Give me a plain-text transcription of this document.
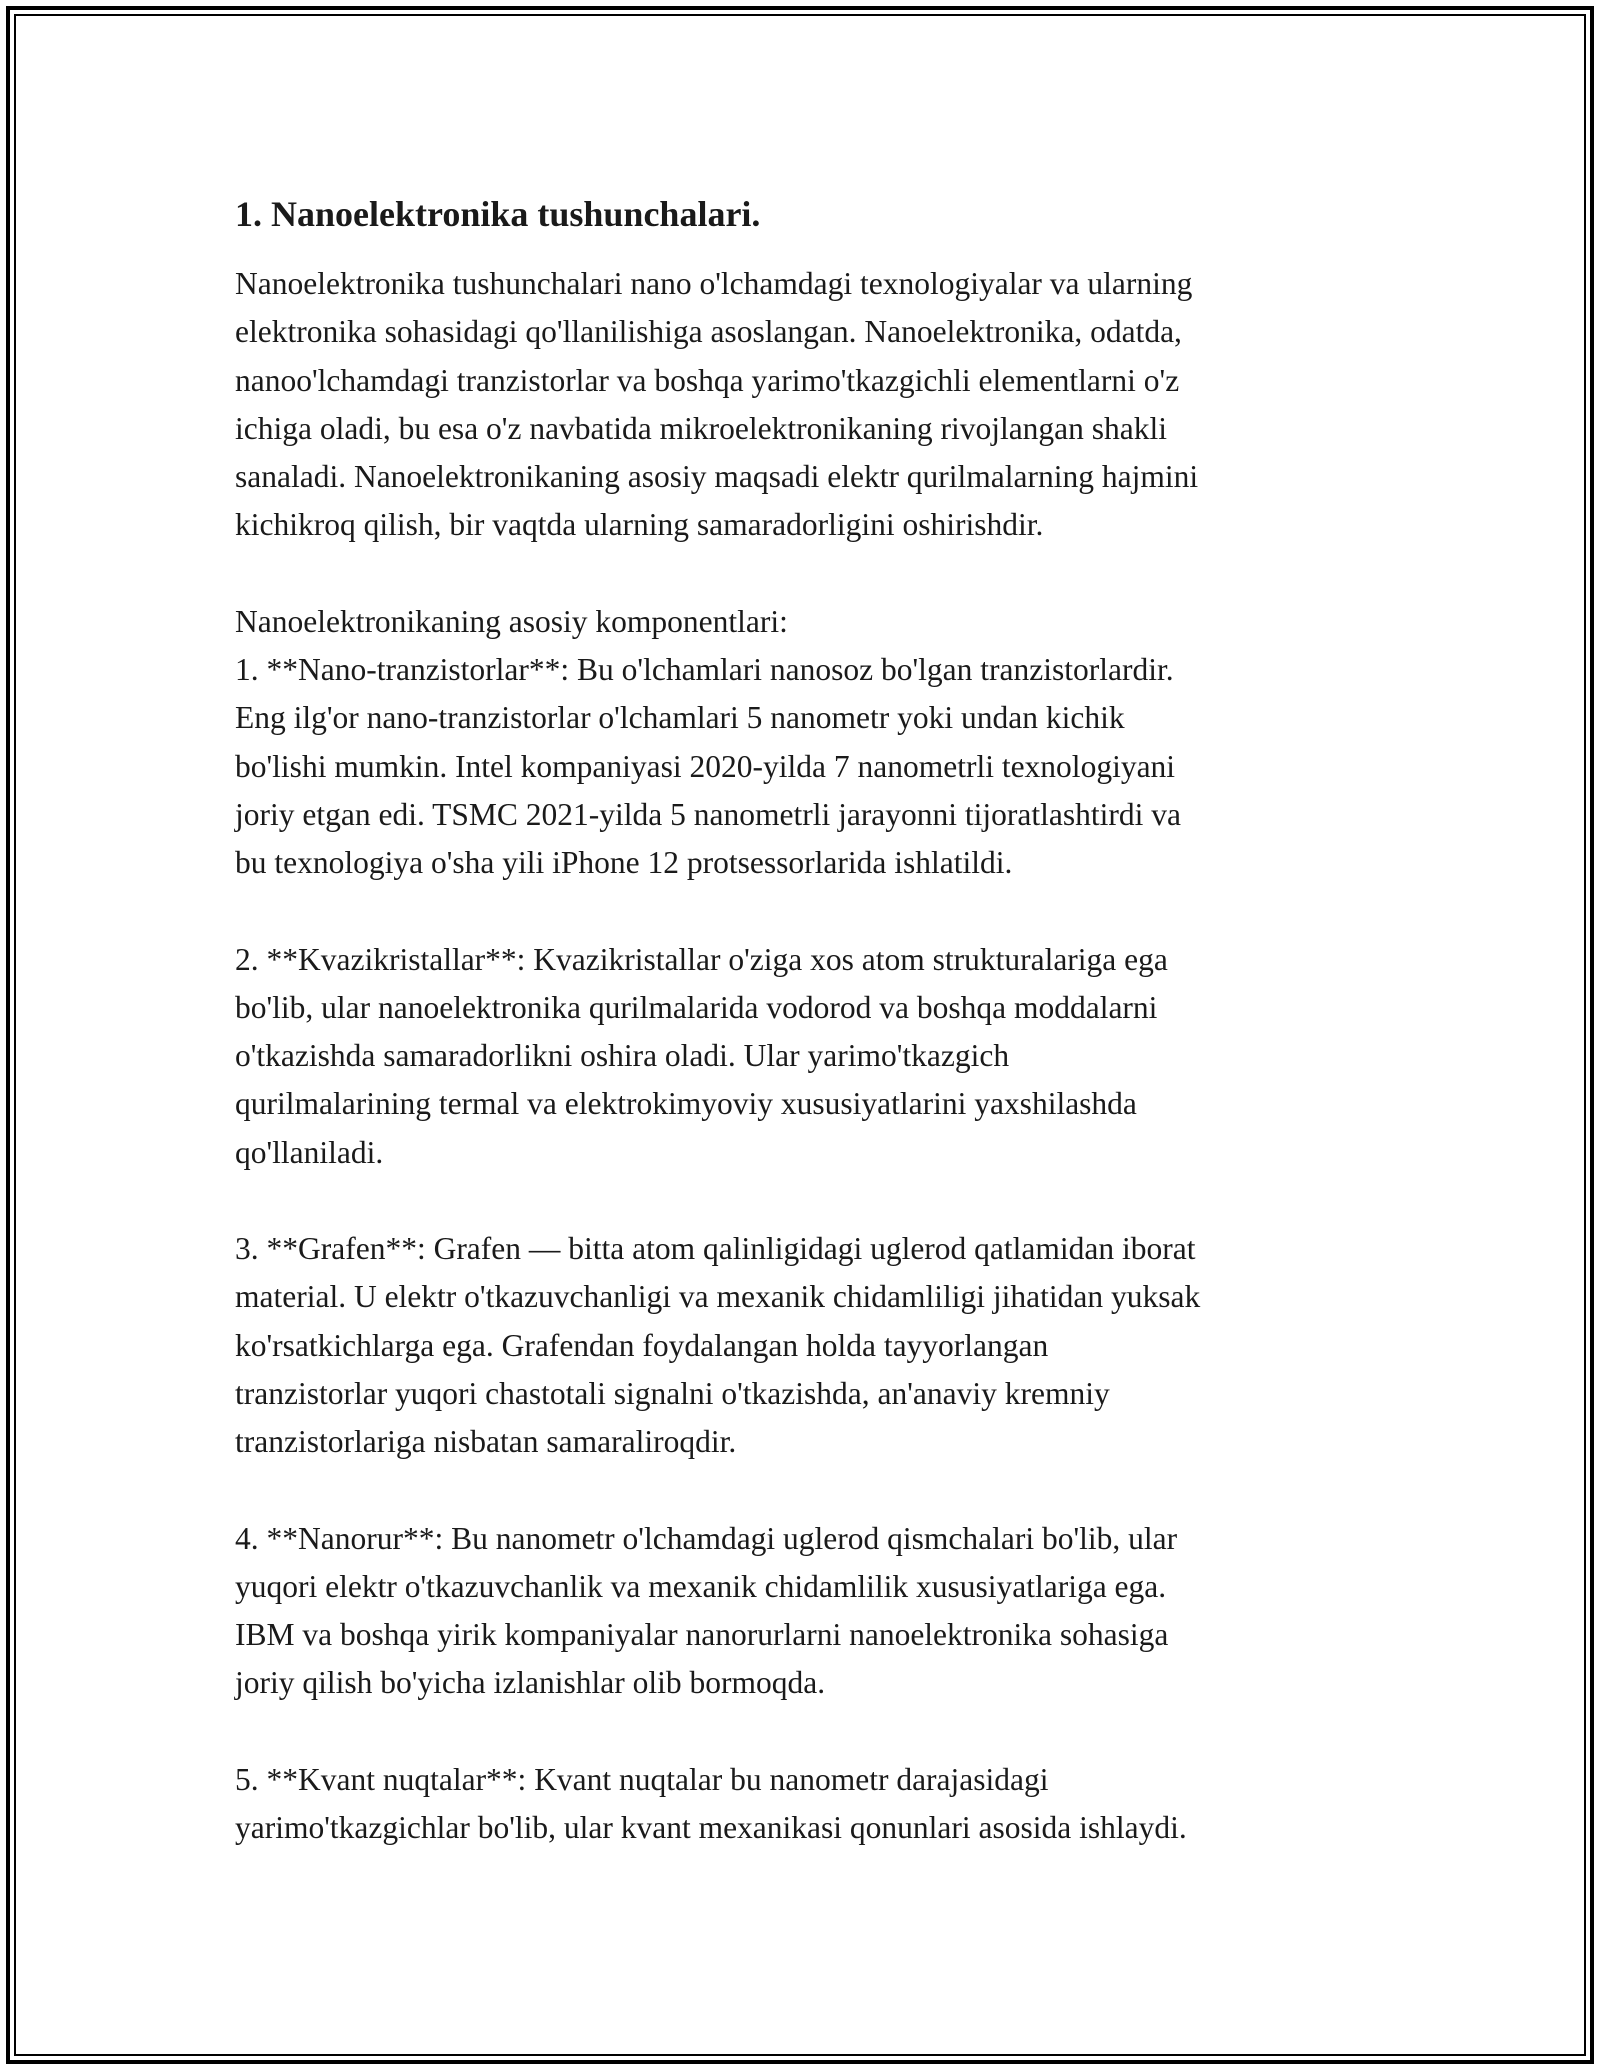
1. Nanoelektronika tushunchalari.
Nanoelektronika tushunchalari nano o'lchamdagi texnologiyalar va ularning
elektronika sohasidagi qo'llanilishiga asoslangan. Nanoelektronika, odatda,
nanoo'lchamdagi tranzistorlar va boshqa yarimo'tkazgichli elementlarni o'z
ichiga oladi, bu esa o'z navbatida mikroelektronikaning rivojlangan shakli
sanaladi. Nanoelektronikaning asosiy maqsadi elektr qurilmalarning hajmini
kichikroq qilish, bir vaqtda ularning samaradorligini oshirishdir.
Nanoelektronikaning asosiy komponentlari:
1. **Nano-tranzistorlar**: Bu o'lchamlari nanosoz bo'lgan tranzistorlardir.
Eng ilg'or nano-tranzistorlar o'lchamlari 5 nanometr yoki undan kichik
bo'lishi mumkin. Intel kompaniyasi 2020-yilda 7 nanometrli texnologiyani
joriy etgan edi. TSMC 2021-yilda 5 nanometrli jarayonni tijoratlashtirdi va
bu texnologiya o'sha yili iPhone 12 protsessorlarida ishlatildi.
2. **Kvazikristallar**: Kvazikristallar o'ziga xos atom strukturalariga ega
bo'lib, ular nanoelektronika qurilmalarida vodorod va boshqa moddalarni
o'tkazishda samaradorlikni oshira oladi. Ular yarimo'tkazgich
qurilmalarining termal va elektrokimyoviy xususiyatlarini yaxshilashda
qo'llaniladi.
3. **Grafen**: Grafen — bitta atom qalinligidagi uglerod qatlamidan iborat
material. U elektr o'tkazuvchanligi va mexanik chidamliligi jihatidan yuksak
ko'rsatkichlarga ega. Grafendan foydalangan holda tayyorlangan
tranzistorlar yuqori chastotali signalni o'tkazishda, an'anaviy kremniy
tranzistorlariga nisbatan samaraliroqdir.
4. **Nanorur**: Bu nanometr o'lchamdagi uglerod qismchalari bo'lib, ular
yuqori elektr o'tkazuvchanlik va mexanik chidamlilik xususiyatlariga ega.
IBM va boshqa yirik kompaniyalar nanorurlarni nanoelektronika sohasiga
joriy qilish bo'yicha izlanishlar olib bormoqda.
5. **Kvant nuqtalar**: Kvant nuqtalar bu nanometr darajasidagi
yarimo'tkazgichlar bo'lib, ular kvant mexanikasi qonunlari asosida ishlaydi.
